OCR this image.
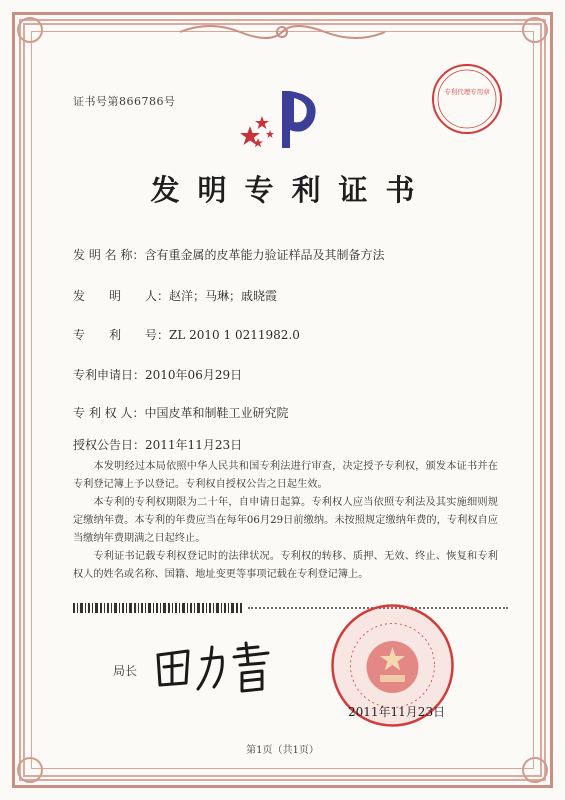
证书号第866786号
专利代理专用章
发明专利证书
发 明 名 称：含有重金属的皮革能力验证样品及其制备方法
发　　明　　人：赵洋；马琳；戚晓霞
专　　利　　号：ZL 2010 1 0211982.0
专利申请日：2010年06月29日
专 利 权 人：中国皮革和制鞋工业研究院
授权公告日：2011年11月23日

本发明经过本局依照中华人民共和国专利法进行审查，决定授予专利权，颁发本证书并在专利登记簿上予以登记。专利权自授权公告之日起生效。

本专利的专利权期限为二十年，自申请日起算。专利权人应当依照专利法及其实施细则规定缴纳年费。本专利的年费应当在每年06月29日前缴纳。未按照规定缴纳年费的，专利权自应当缴纳年费期满之日起终止。

专利证书记载专利权登记时的法律状况。专利权的转移、质押、无效、终止、恢复和专利权人的姓名或名称、国籍、地址变更等事项记载在专利登记簿上。

局长
2011年11月23日
第1页（共1页）
